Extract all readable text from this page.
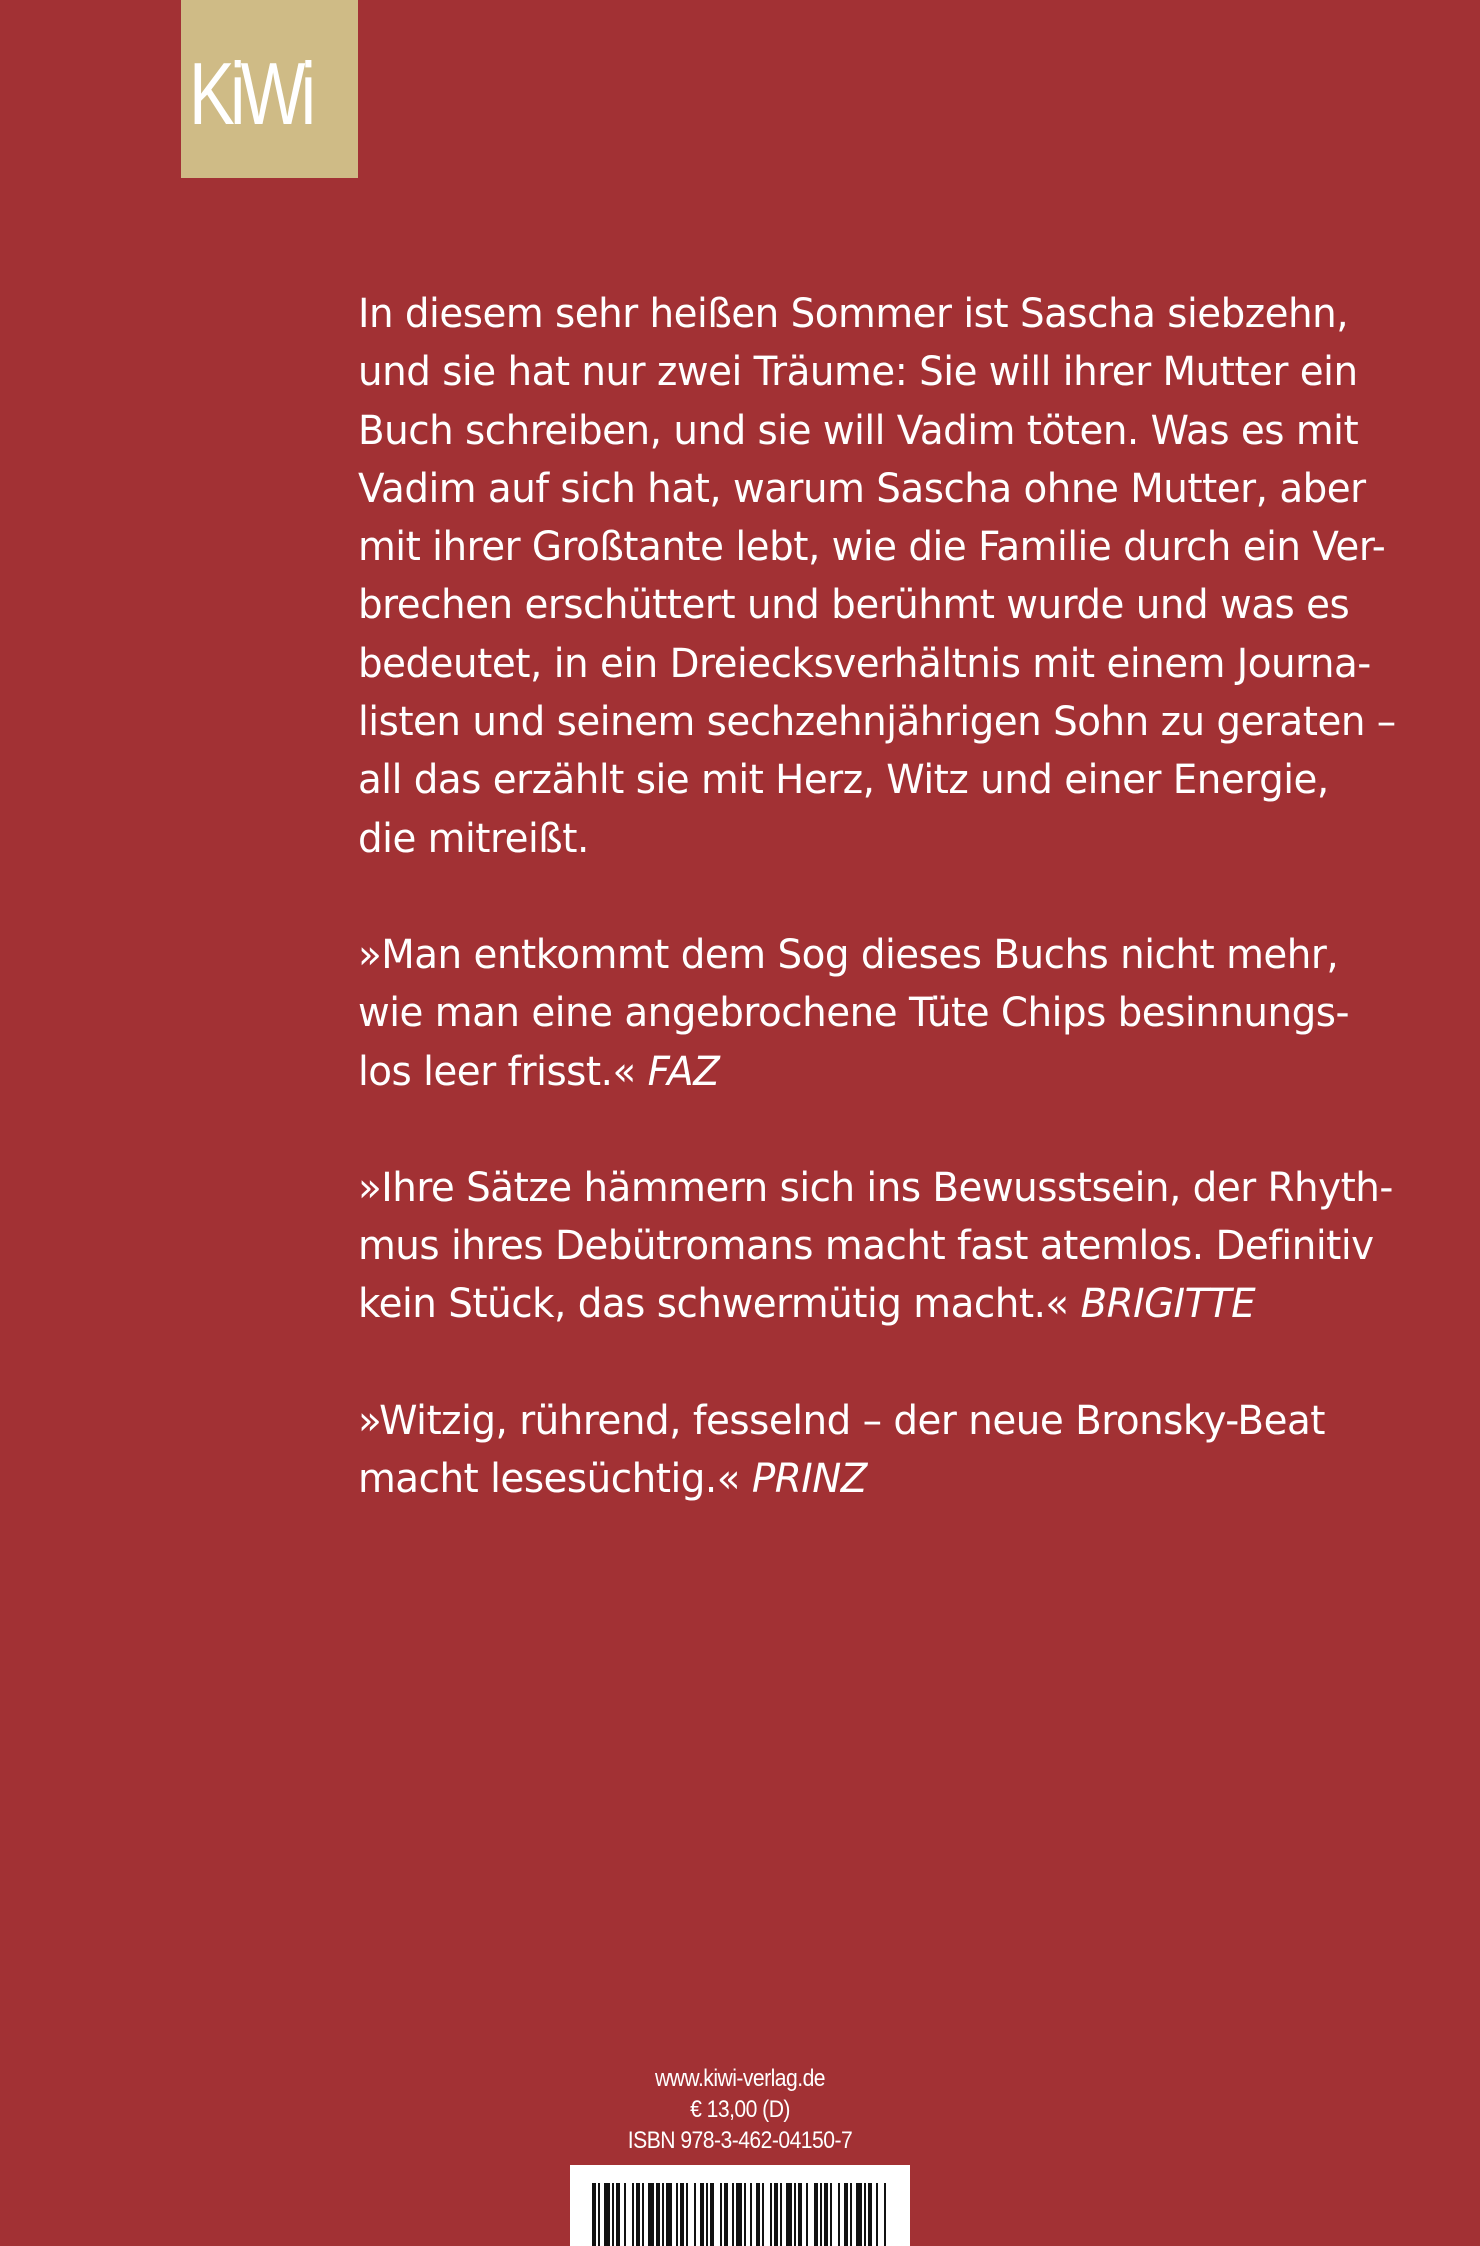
KiWi

In diesem sehr heißen Sommer ist Sascha siebzehn,

und sie hat nur zwei Träume: Sie will ihrer Mutter ein

Buch schreiben, und sie will Vadim töten. Was es mit

Vadim auf sich hat, warum Sascha ohne Mutter, aber

mit ihrer Großtante lebt, wie die Familie durch ein Ver-

brechen erschüttert und berühmt wurde und was es

bedeutet, in ein Dreiecksverhältnis mit einem Journa-

listen und seinem sechzehnjährigen Sohn zu geraten –

all das erzählt sie mit Herz, Witz und einer Energie,

die mitreißt.

»Man entkommt dem Sog dieses Buchs nicht mehr,

wie man eine angebrochene Tüte Chips besinnungs-

los leer frisst.« FAZ

»Ihre Sätze hämmern sich ins Bewusstsein, der Rhyth-

mus ihres Debütromans macht fast atemlos. Definitiv

kein Stück, das schwermütig macht.« BRIGITTE

»Witzig, rührend, fesselnd – der neue Bronsky-Beat

macht lesesüchtig.« PRINZ

www.kiwi-verlag.de
€ 13,00 (D)
ISBN 978-3-462-04150-7
